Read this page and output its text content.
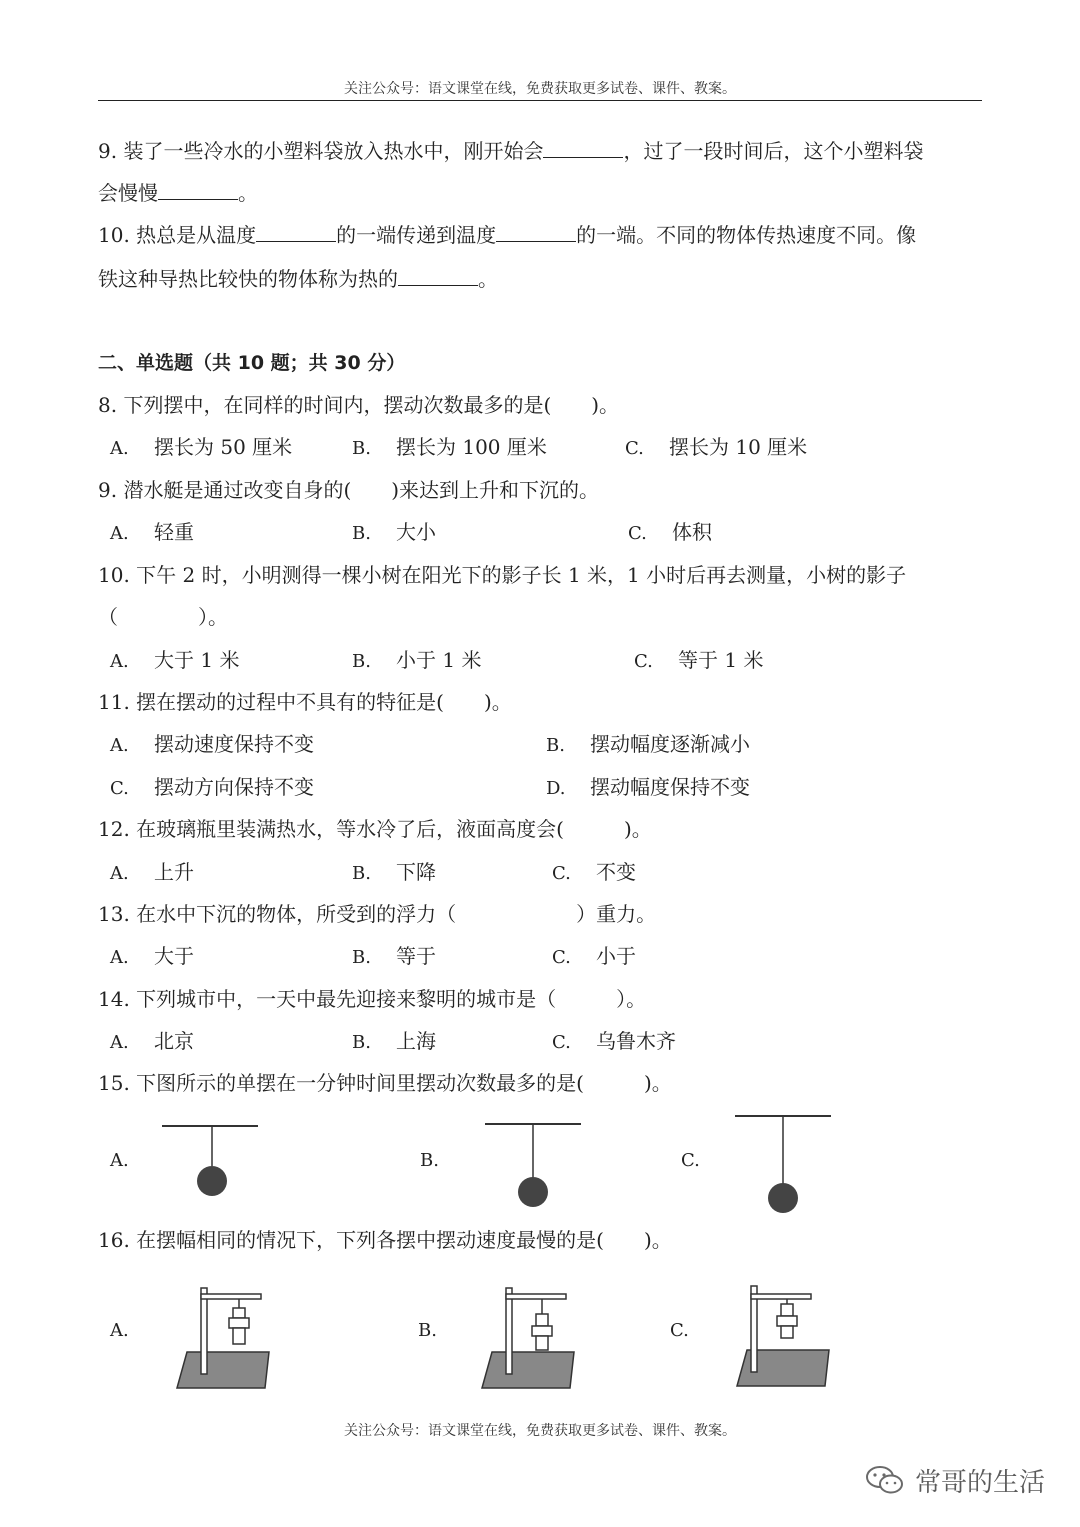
关注公众号：语文课堂在线，免费获取更多试卷、课件、教案。
9. 装了一些冷水的小塑料袋放入热水中，刚开始会	，过了一段时间后，这个小塑料袋
会慢慢	。
10. 热总是从温度	的一端传递到温度	的一端。不同的物体传热速度不同。像
铁这种导热比较快的物体称为热的	。
二、单选题（共 10 题；共 30 分）
8. 下列摆中，在同样的时间内，摆动次数最多的是(　　)。
A. 摆长为 50 厘米	B. 摆长为 100 厘米	C. 摆长为 10 厘米
9. 潜水艇是通过改变自身的(　　)来达到上升和下沉的。
A. 轻重	B. 大小	C. 体积
10. 下午 2 时，小明测得一棵小树在阳光下的影子长 1 米，1 小时后再去测量，小树的影子
（　　　　）。
A. 大于 1 米	B. 小于 1 米	C. 等于 1 米
11. 摆在摆动的过程中不具有的特征是(　　)。
A. 摆动速度保持不变	B. 摆动幅度逐渐减小
C. 摆动方向保持不变	D. 摆动幅度保持不变
12. 在玻璃瓶里装满热水，等水冷了后，液面高度会(　　　)。
A. 上升	B. 下降	C. 不变
13. 在水中下沉的物体，所受到的浮力（　　　　　　）重力。
A. 大于	B. 等于	C. 小于
14. 下列城市中，一天中最先迎接来黎明的城市是（　　　）。
A. 北京	B. 上海	C. 乌鲁木齐
15. 下图所示的单摆在一分钟时间里摆动次数最多的是(　　　)。
A.	B.	C.
16. 在摆幅相同的情况下，下列各摆中摆动速度最慢的是(　　)。
A.	B.	C.
关注公众号：语文课堂在线，免费获取更多试卷、课件、教案。
常哥的生活
